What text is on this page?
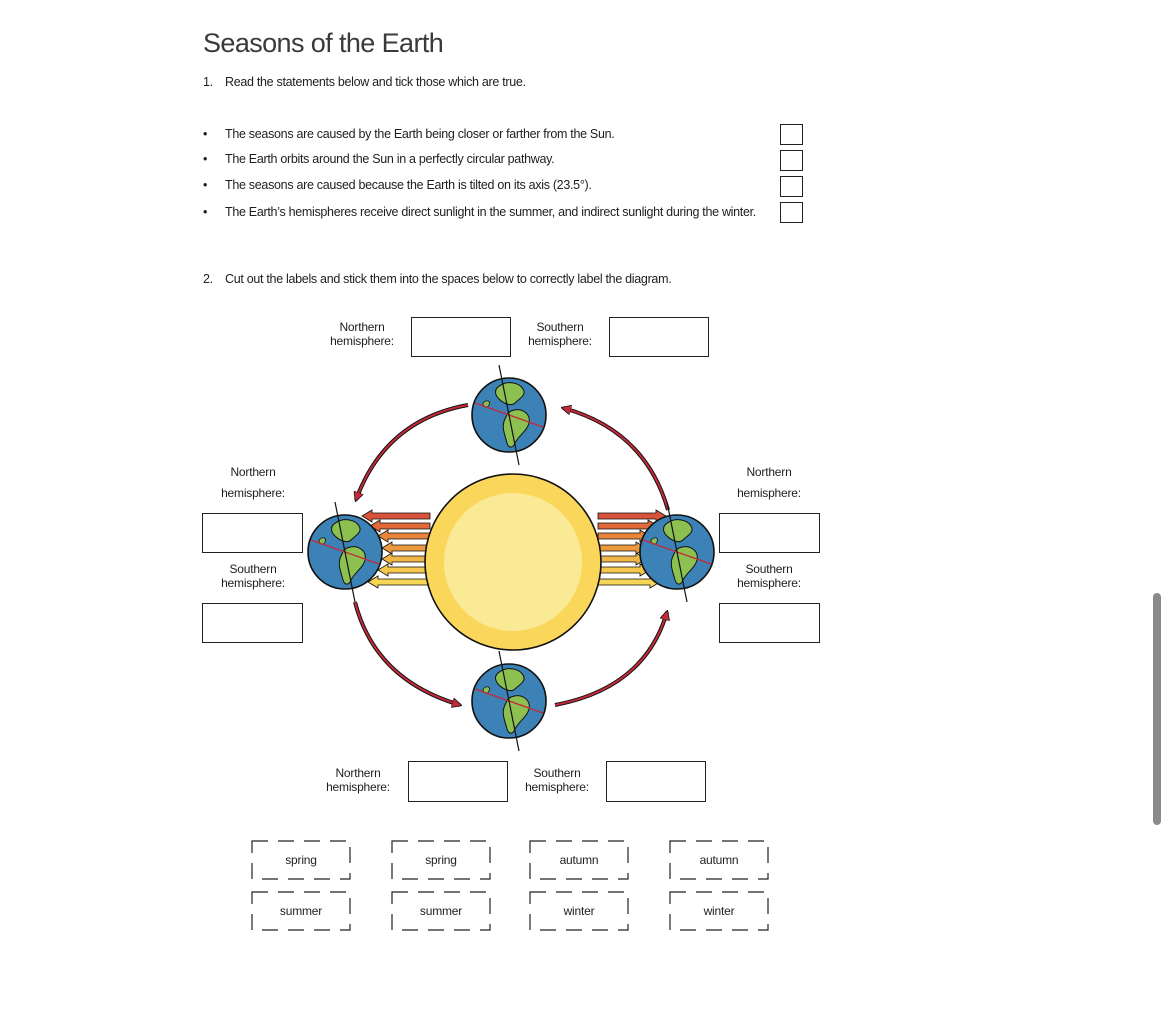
Seasons of the Earth
1. Read the statements below and tick those which are true.
•	The seasons are caused by the Earth being closer or farther from the Sun.
•	The Earth orbits around the Sun in a perfectly circular pathway.
•	The seasons are caused because the Earth is tilted on its axis (23.5°).
•	The Earth’s hemispheres receive direct sunlight in the summer, and indirect sunlight during the winter.
2. Cut out the labels and stick them into the spaces below to correctly label the diagram.
Northern
hemisphere:
Southern
hemisphere:
Northern
hemisphere:
Southern
hemisphere:
Northern
hemisphere:
Southern
hemisphere:
Northern
hemisphere:
Southern
hemisphere:
spring	spring	autumn	autumn
summer	summer	winter	winter
